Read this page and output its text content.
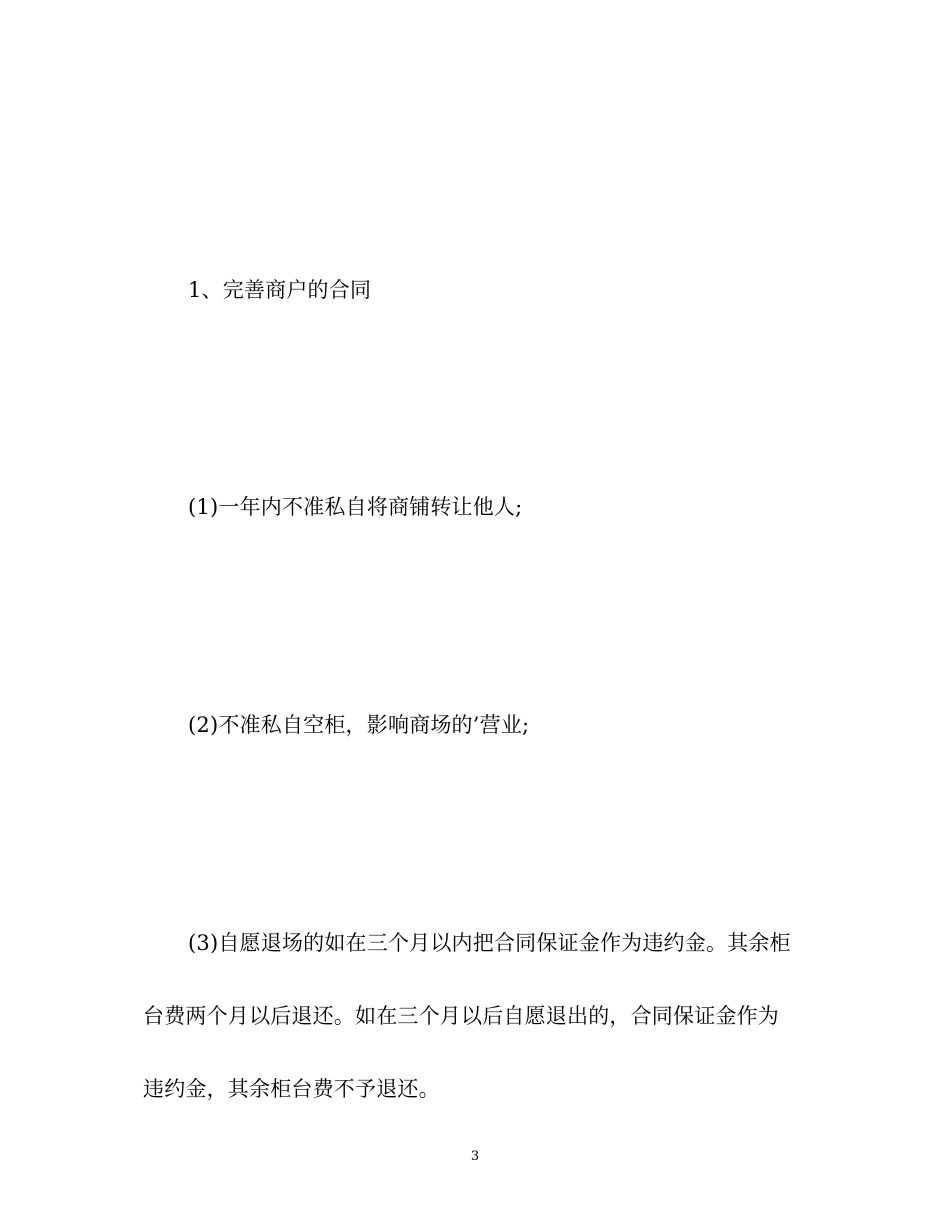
1、完善商户的合同
(1)一年内不准私自将商铺转让他人;
(2)不准私自空柜，影响商场的’营业;
(3)自愿退场的如在三个月以内把合同保证金作为违约金。其余柜
台费两个月以后退还。如在三个月以后自愿退出的，合同保证金作为
违约金，其余柜台费不予退还。
3
